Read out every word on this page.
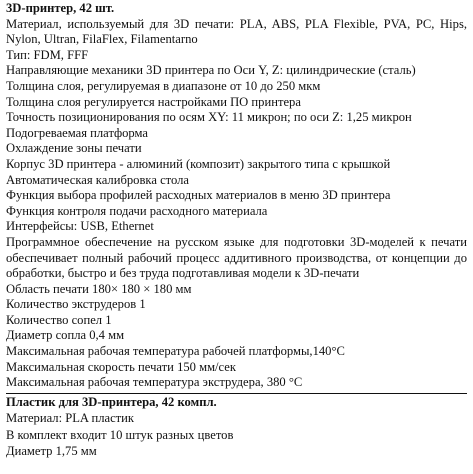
3D-принтер, 42 шт.
Материал, используемый для 3D печати: PLA, ABS, PLA Flexible, PVA, PC, Hips, Nylon, Ultran, FilaFlex, Filamentarno
Тип: FDM, FFF
Направляющие механики 3D принтера по Оси Y, Z: цилиндрические (сталь)
Толщина слоя, регулируемая в диапазоне от 10 до 250 мкм
Толщина слоя регулируется настройками ПО принтера
Точность позиционирования по осям XY: 11 микрон; по оси Z: 1,25 микрон
Подогреваемая платформа
Охлаждение зоны печати
Корпус 3D принтера - алюминий (композит) закрытого типа с крышкой
Автоматическая калибровка стола
Функция выбора профилей расходных материалов в меню 3D принтера
Функция контроля подачи расходного материала
Интерфейсы: USB, Ethernet
Программное обеспечение на русском языке для подготовки 3D-моделей к печати обеспечивает полный рабочий процесс аддитивного производства, от концепции до обработки, быстро и без труда подготавливая модели к 3D-печати
Область печати 180× 180 × 180 мм
Количество экструдеров 1
Количество сопел 1
Диаметр сопла 0,4 мм
Максимальная рабочая температура рабочей платформы,140°С
Максимальная скорость печати 150 мм/сек
Максимальная рабочая температура экструдера, 380 °С
Пластик для 3D-принтера, 42 компл.
Материал: PLA пластик
В комплект входит 10 штук разных цветов
Диаметр 1,75 мм
